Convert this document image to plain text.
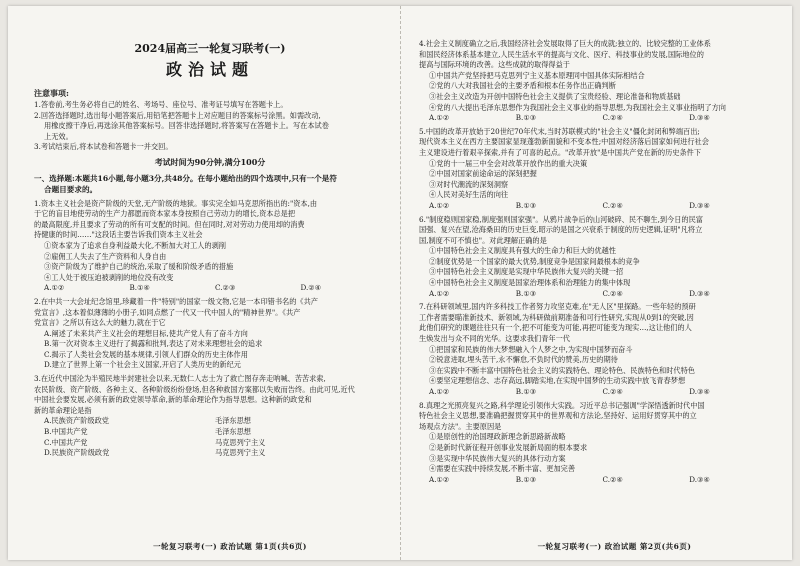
2024届高三一轮复习联考(一)
政治试题
注意事项:
1.答卷前,考生务必将自己的姓名、考场号、座位号、准考证号填写在答题卡上。
2.回答选择题时,选出每小题答案后,用铅笔把答题卡上对应题目的答案标号涂黑。如需改动,
用橡皮擦干净后,再选涂其他答案标号。回答非选择题时,将答案写在答题卡上。写在本试卷
上无效。
3.考试结束后,将本试卷和答题卡一并交回。
考试时间为90分钟,满分100分
一、选择题:本题共16小题,每小题3分,共48分。在每小题给出的四个选项中,只有一个是符
合题目要求的。
1.资本主义社会是资产阶级的天堂,无产阶级的地狱。事实完全如马克思所指出的:"资本,由
于它的盲目地使劳动的生产力都愿而资本家本身按照自己劳动力的增长,资本总是把
的最高限度,并且要求了劳动的所有可支配的时间。但在同时,对对劳动力使用却的消费
持健康的时间……"这段话主要告诉我们资本主义社会
①资本家为了追求自身利益最大化,不断加大对工人的剥削
②雇佣工人失去了生产资料和人身自由
③资产阶级为了维护自己的统治,采取了缓和阶级矛盾的措施
④工人处于被压迫被剥削的地位没有改变
A.①②	B.①④	C.②③	D.②④
2.在中共一大会址纪念馆里,珍藏着一件"特别"的国家一级文物,它是一本印错书名的《共产
党宣言》,这本着似薄薄的小册子,如同点燃了一代又一代中国人的"精神世界"。《共产
党宣言》之所以有这么大的魅力,就在于它
A.阐述了未来共产主义社会的理想目标,使共产党人有了奋斗方向
B.第一次对资本主义进行了揭露和批判,表达了对未来理想社会的追求
C.揭示了人类社会发展的基本规律,引领人们群众的历史主体作用
D.建立了世界上第一个社会主义国家,开启了人类历史的新纪元
3.在近代中国沦为半殖民地半封建社会以来,无数仁人志士为了救亡图存奔走呐喊、苦苦求索,
农民阶级、资产阶级、各种主义、各种阶级纷纷登场,但各种救国方案都以失败而告终。由此可见,近代
中国社会要发展,必须有新的政党领导革命,新的革命理论作为指导思想。这种新的政党和
新的革命理论是指
A.民族资产阶级政党	毛泽东思想
B.中国共产党	毛泽东思想
C.中国共产党	马克思列宁主义
D.民族资产阶级政党	马克思列宁主义
一轮复习联考(一) 政治试题 第1页(共6页)
4.社会主义制度确立之后,我国经济社会发展取得了巨大的成就;独立的、比较完整的工业体系
和国民经济体系基本建立,人民生活水平的提高与文化、医疗、科技事业的发展,国际地位的
提高与国际环境的改善。这些成就的取得得益于
①中国共产党坚持把马克思列宁主义基本原理同中国具体实际相结合
②党的八大对我国社会的主要矛盾和根本任务作出正确判断
③社会主义改造为开创中国特色社会主义提供了宝贵经验、理论准备和物质基础
④党的八大提出毛泽东思想作为我国社会主义事业的指导思想,为我国社会主义事业指明了方向
A.①②	B.①③	C.②④	D.③④
5.中国的改革开放始于20世纪70年代末,当时苏联模式的"社会主义"僵化封闭和弊端百出;
现代资本主义在西方主要国家显现蓬勃新面貌和不变本性;中国对经济落后国家如何进行社会
主义建设进行着艰辛探索,并有了可喜的起点。"改革开放"是中国共产党在新的历史条件下
①党的十一届三中全会对改革开放作出的重大决策
②中国对国家前途命运的深刻把握
③对时代潮流的深刻洞察
④人民对美好生活的向往
A.①②	B.①③	C.②④	D.③④
6."制度稳则国家稳,制度强则国家强"。从鸦片战争后的山河破碎、民不聊生,到今日的民富
国强、复兴在望,沧海桑田的历史巨变,昭示的是国之兴衰系于制度的历史逻辑,证明"凡将立
国,制度不可不慎也"。对此理解正确的是
①中国特色社会主义制度具有强大的生命力和巨大的优越性
②制度优势是一个国家的最大优势,制度竞争是国家间最根本的竞争
③中国特色社会主义制度是实现中华民族伟大复兴的关键一招
④中国特色社会主义制度是国家治理体系和治理能力的集中体现
A.①②	B.①③	C.②④	D.③④
7.在科研领域里,国内许多科技工作者努力攻坚克难,在"无人区"里探路。一些年轻的预研
工作者需要瞄准新技术、新领域,为科研做前期准备和可行性研究,实现从0到1的突破,因
此他们研究的课题往往只有一个,把不可能变为可能,再把可能变为现实…,这让他们的人
生焕发出与众不同的光华。这要求我们青年一代
①把国家和民族的伟大梦想融入个人梦之中,为实现中国梦而奋斗
②锐意进取,埋头苦干,永不懈怠,不负时代的赞美,历史的期待
③在实践中不断丰富中国特色社会主义的实践特色、理论特色、民族特色和时代特色
④要坚定理想信念、志存高远,脚踏实地,在实现中国梦的生动实践中放飞青春梦想
A.①②	B.①③	C.②④	D.③④
8.真理之光照亮复兴之路,科学理论引领伟大实践。习近平总书记强调"学深悟透新时代中国
特色社会主义思想,要准确把握贯穿其中的世界观和方法论,坚持好、运用好贯穿其中的立
场观点方法"。主要原因是
①是原创性的治国理政新理念新思路新战略
②是新时代新征程开创事业发展新局面的根本要求
③是实现中华民族伟大复兴的具体行动方案
④需要在实践中持续发展,不断丰富、更加完善
A.①②	B.①③	C.②④	D.③④
一轮复习联考(一) 政治试题 第2页(共6页)
